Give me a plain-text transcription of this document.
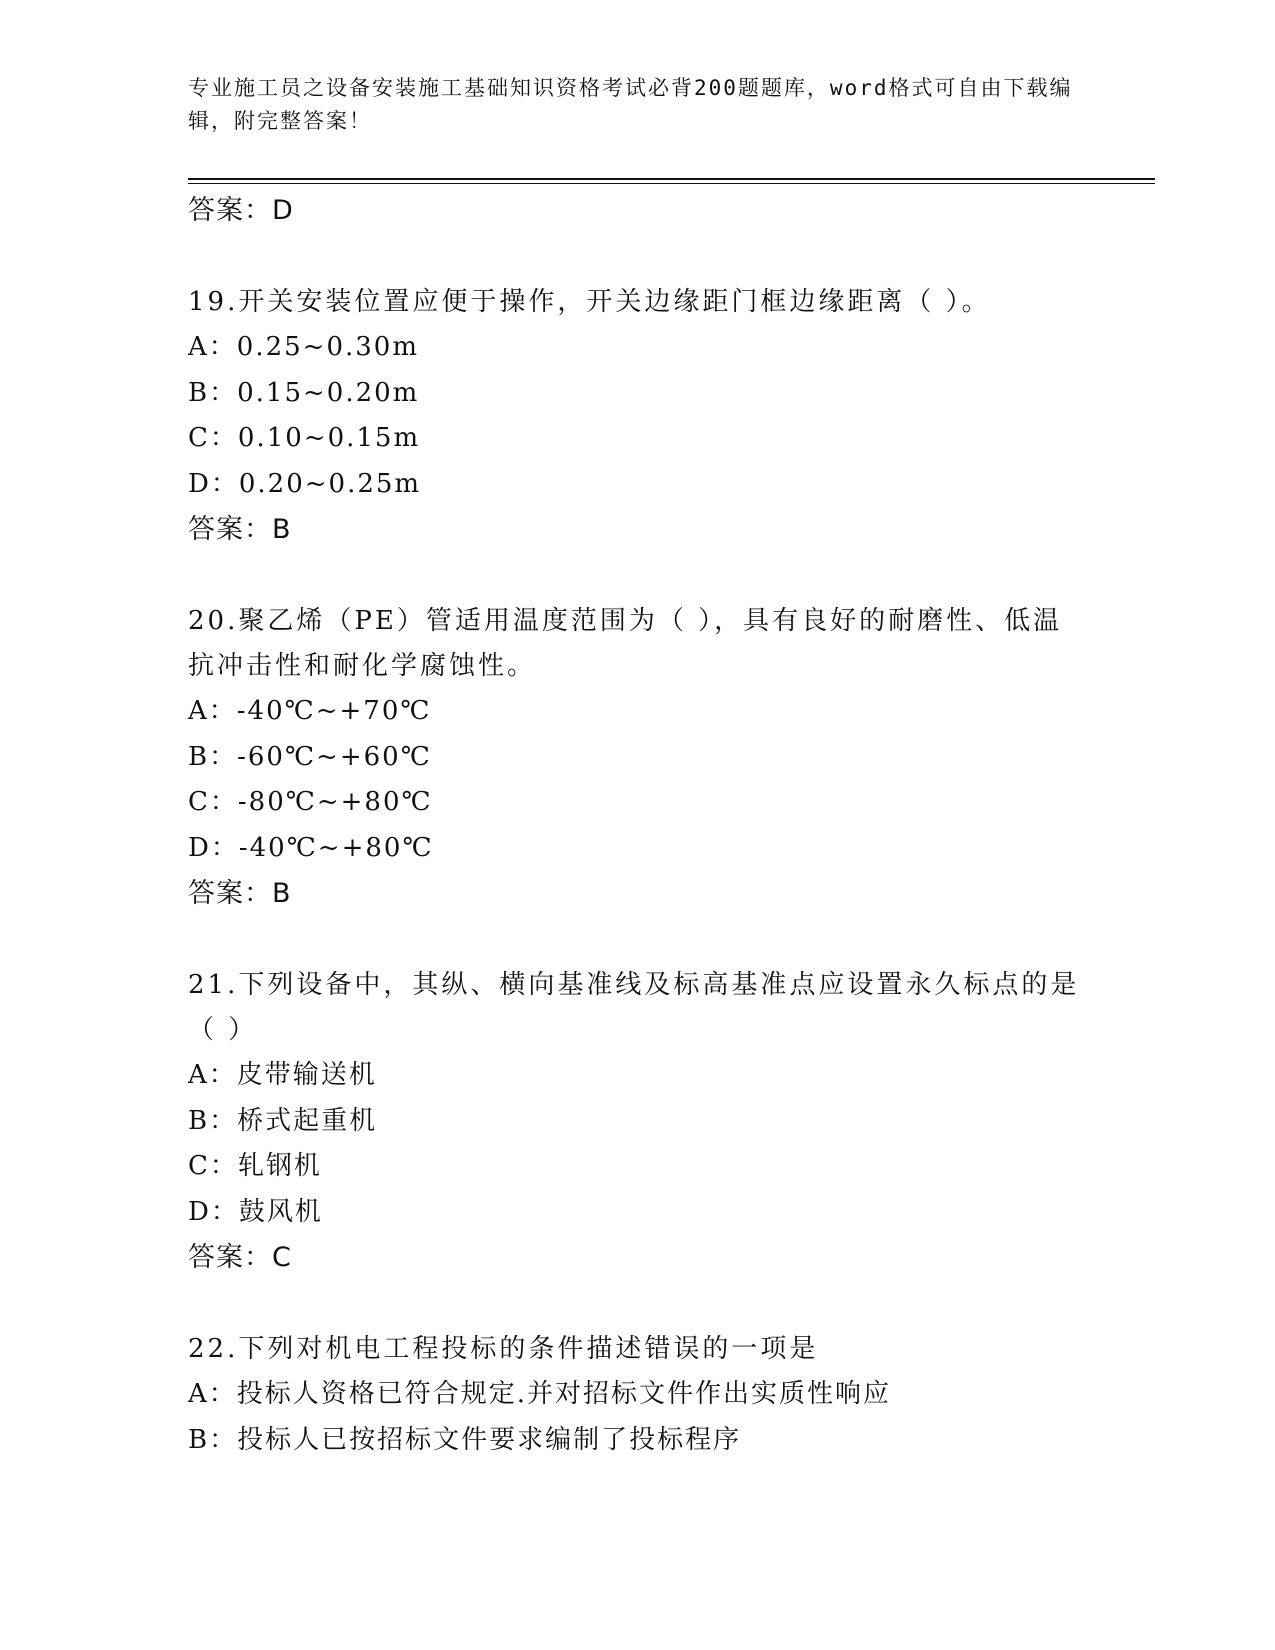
专业施工员之设备安装施工基础知识资格考试必背200题题库，word格式可自由下载编辑，附完整答案！
答案：D
19.开关安装位置应便于操作，开关边缘距门框边缘距离（ ）。
A：0.25~0.30m
B：0.15~0.20m
C：0.10~0.15m
D：0.20~0.25m
答案：B
20.聚乙烯（PE）管适用温度范围为（ ），具有良好的耐磨性、低温抗冲击性和耐化学腐蚀性。
A：-40℃~+70℃
B：-60℃~+60℃
C：-80℃~+80℃
D：-40℃~+80℃
答案：B
21.下列设备中，其纵、横向基准线及标高基准点应设置永久标点的是（ ）
A：皮带输送机
B：桥式起重机
C：轧钢机
D：鼓风机
答案：C
22.下列对机电工程投标的条件描述错误的一项是
A：投标人资格已符合规定.并对招标文件作出实质性响应
B：投标人已按招标文件要求编制了投标程序
